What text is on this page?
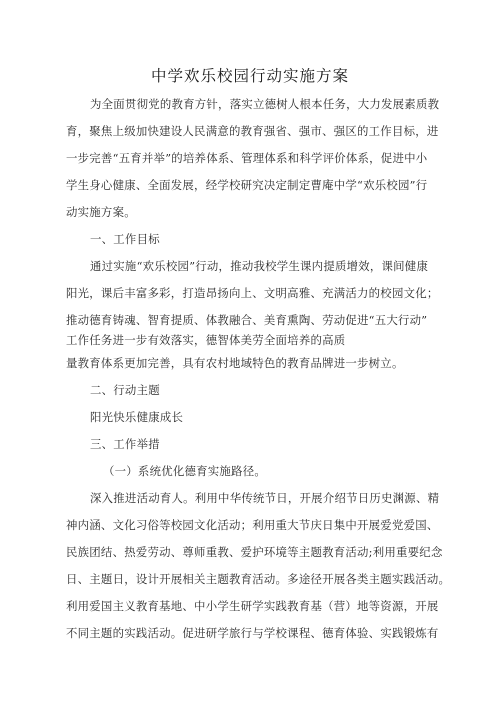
中学欢乐校园行动实施方案
为全面贯彻党的教育方针，落实立德树人根本任务，大力发展素质教
育，聚焦上级加快建设人民满意的教育强省、强市、强区的工作目标，进
一步完善“五育并举”的培养体系、管理体系和科学评价体系，促进中小
学生身心健康、全面发展，经学校研究决定制定曹庵中学“欢乐校园”行
动实施方案。
一、工作目标
通过实施“欢乐校园”行动，推动我校学生课内提质增效，课间健康
阳光，课后丰富多彩，打造昂扬向上、文明高雅、充满活力的校园文化；
推动德育铸魂、智育提质、体教融合、美育熏陶、劳动促进“五大行动”
工作任务进一步有效落实，德智体美劳全面培养的高质
量教育体系更加完善，具有农村地域特色的教育品牌进一步树立。
二、行动主题
阳光快乐健康成长
三、工作举措
（一）系统优化德育实施路径。
深入推进活动育人。利用中华传统节日，开展介绍节日历史渊源、精
神内涵、文化习俗等校园文化活动；利用重大节庆日集中开展爱党爱国、
民族团结、热爱劳动、尊师重教、爱护环境等主题教育活动;利用重要纪念
日、主题日，设计开展相关主题教育活动。多途径开展各类主题实践活动。
利用爱国主义教育基地、中小学生研学实践教育基（营）地等资源，开展
不同主题的实践活动。促进研学旅行与学校课程、德育体验、实践锻炼有
